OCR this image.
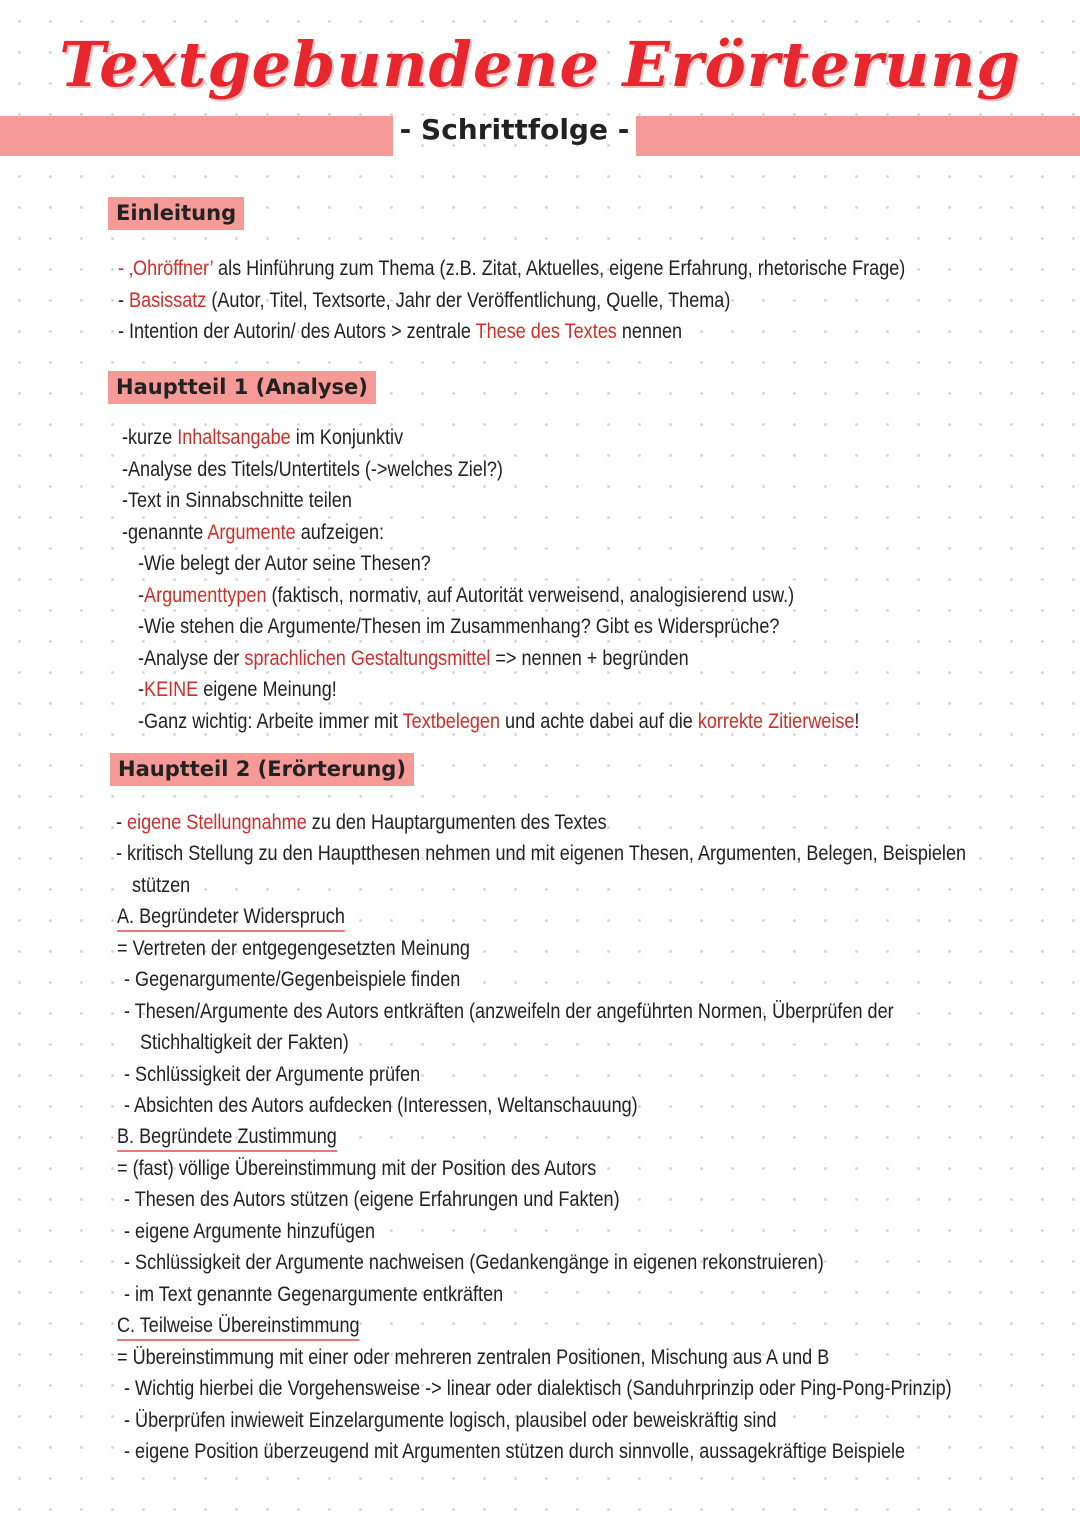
Textgebundene Erörterung
- Schrittfolge -
Einleitung
- ‚Ohröffner’ als Hinführung zum Thema (z.B. Zitat, Aktuelles, eigene Erfahrung, rhetorische Frage)
- Basissatz (Autor, Titel, Textsorte, Jahr der Veröffentlichung, Quelle, Thema)
- Intention der Autorin/ des Autors > zentrale These des Textes nennen
Hauptteil 1 (Analyse)
-kurze Inhaltsangabe im Konjunktiv
-Analyse des Titels/Untertitels (->welches Ziel?)
-Text in Sinnabschnitte teilen
-genannte Argumente aufzeigen:
-Wie belegt der Autor seine Thesen?
-Argumenttypen (faktisch, normativ, auf Autorität verweisend, analogisierend usw.)
-Wie stehen die Argumente/Thesen im Zusammenhang? Gibt es Widersprüche?
-Analyse der sprachlichen Gestaltungsmittel => nennen + begründen
-KEINE eigene Meinung!
-Ganz wichtig: Arbeite immer mit Textbelegen und achte dabei auf die korrekte Zitierweise!
Hauptteil 2 (Erörterung)
- eigene Stellungnahme zu den Hauptargumenten des Textes
- kritisch Stellung zu den Hauptthesen nehmen und mit eigenen Thesen, Argumenten, Belegen, Beispielen
stützen
A. Begründeter Widerspruch
= Vertreten der entgegengesetzten Meinung
- Gegenargumente/Gegenbeispiele finden
- Thesen/Argumente des Autors entkräften (anzweifeln der angeführten Normen, Überprüfen der
Stichhaltigkeit der Fakten)
- Schlüssigkeit der Argumente prüfen
- Absichten des Autors aufdecken (Interessen, Weltanschauung)
B. Begründete Zustimmung
= (fast) völlige Übereinstimmung mit der Position des Autors
- Thesen des Autors stützen (eigene Erfahrungen und Fakten)
- eigene Argumente hinzufügen
- Schlüssigkeit der Argumente nachweisen (Gedankengänge in eigenen rekonstruieren)
- im Text genannte Gegenargumente entkräften
C. Teilweise Übereinstimmung
= Übereinstimmung mit einer oder mehreren zentralen Positionen, Mischung aus A und B
- Wichtig hierbei die Vorgehensweise -> linear oder dialektisch (Sanduhrprinzip oder Ping-Pong-Prinzip)
- Überprüfen inwieweit Einzelargumente logisch, plausibel oder beweiskräftig sind
- eigene Position überzeugend mit Argumenten stützen durch sinnvolle, aussagekräftige Beispiele
